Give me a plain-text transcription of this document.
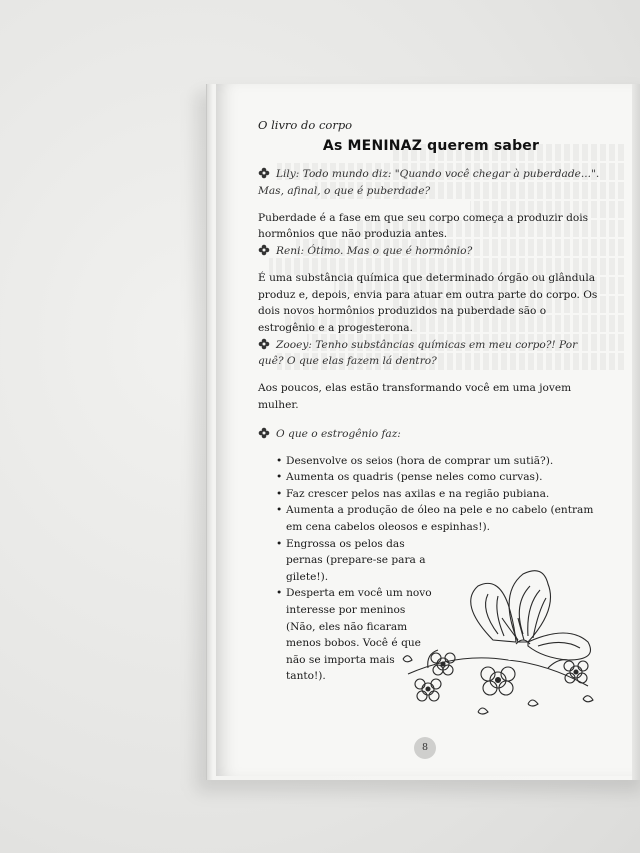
O livro do corpo
As MENINAZ querem saber

Lily: Todo mundo diz: "Quando você chegar à puberdade...". Mas, afinal, o que é puberdade?

Puberdade é a fase em que seu corpo começa a produzir dois hormônios que não produzia antes.

Reni: Ótimo. Mas o que é hormônio?

É uma substância química que determinado órgão ou glândula produz e, depois, envia para atuar em outra parte do corpo. Os dois novos hormônios produzidos na puberdade são o estrogênio e a progesterona.

Zooey: Tenho substâncias químicas em meu corpo?! Por quê? O que elas fazem lá dentro?

Aos poucos, elas estão transformando você em uma jovem mulher.

O que o estrogênio faz:

• Desenvolve os seios (hora de comprar um sutiã?).
• Aumenta os quadris (pense neles como curvas).
• Faz crescer pelos nas axilas e na região pubiana.
• Aumenta a produção de óleo na pele e no cabelo (entram em cena cabelos oleosos e espinhas!).
• Engrossa os pelos das pernas (prepare-se para a gilete!).
• Desperta em você um novo interesse por meninos (Não, eles não ficaram menos bobos. Você é que não se importa mais tanto!).
8
